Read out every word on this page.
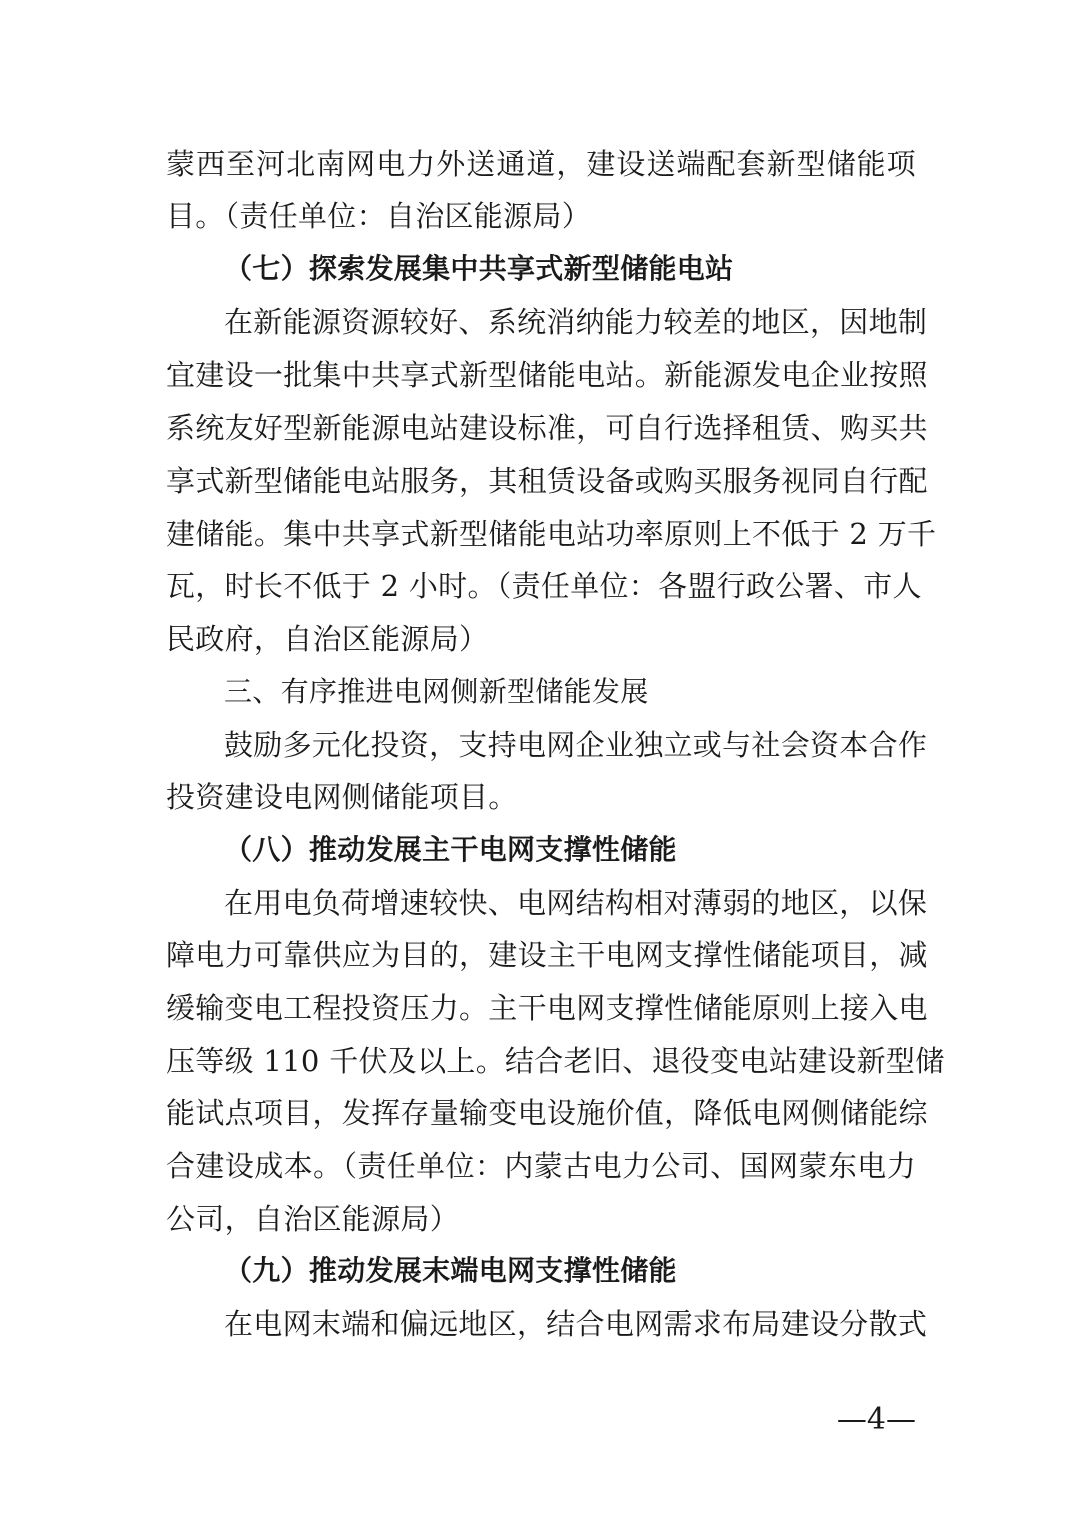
蒙西至河北南网电力外送通道，建设送端配套新型储能项

目。（责任单位：自治区能源局）

（七）探索发展集中共享式新型储能电站

在新能源资源较好、系统消纳能力较差的地区，因地制

宜建设一批集中共享式新型储能电站。新能源发电企业按照

系统友好型新能源电站建设标准，可自行选择租赁、购买共

享式新型储能电站服务，其租赁设备或购买服务视同自行配

建储能。集中共享式新型储能电站功率原则上不低于 2 万千

瓦，时长不低于 2 小时。（责任单位：各盟行政公署、市人

民政府，自治区能源局）

三、有序推进电网侧新型储能发展

鼓励多元化投资，支持电网企业独立或与社会资本合作

投资建设电网侧储能项目。

（八）推动发展主干电网支撑性储能

在用电负荷增速较快、电网结构相对薄弱的地区，以保

障电力可靠供应为目的，建设主干电网支撑性储能项目，减

缓输变电工程投资压力。主干电网支撑性储能原则上接入电

压等级 110 千伏及以上。结合老旧、退役变电站建设新型储

能试点项目，发挥存量输变电设施价值，降低电网侧储能综

合建设成本。（责任单位：内蒙古电力公司、国网蒙东电力

公司，自治区能源局）

（九）推动发展末端电网支撑性储能

在电网末端和偏远地区，结合电网需求布局建设分散式

—4—
